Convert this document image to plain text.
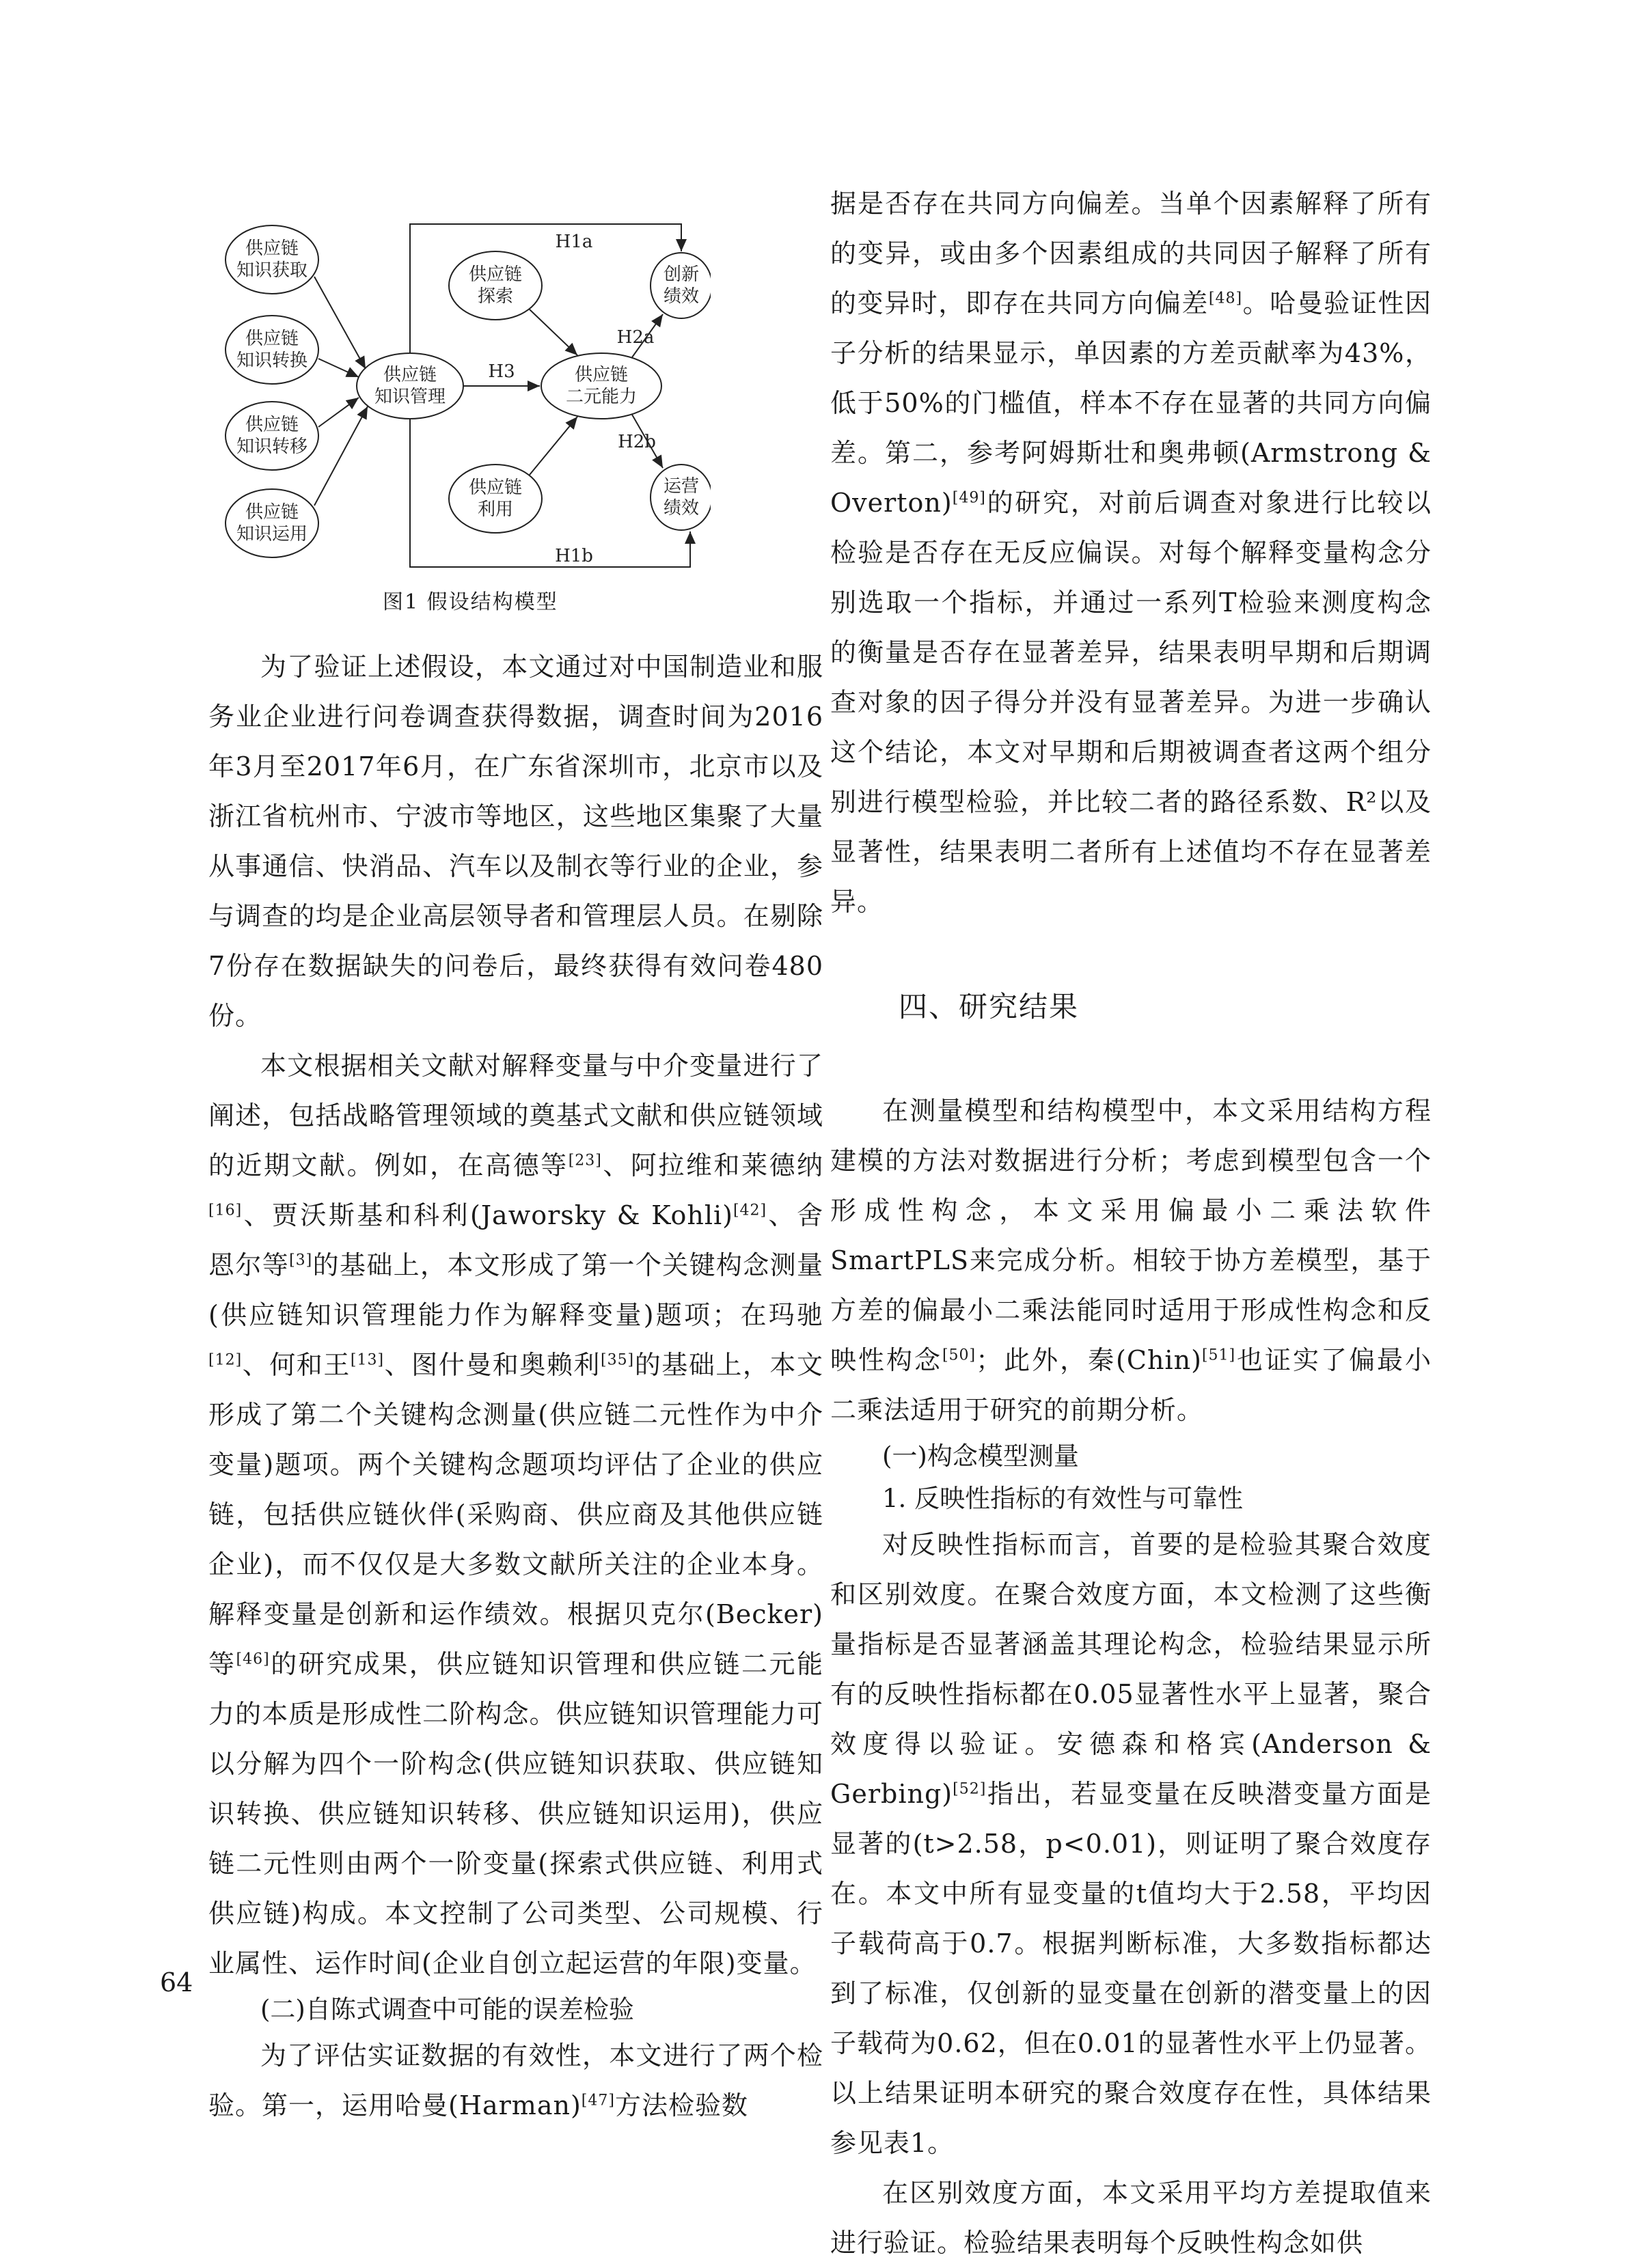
供应链
知识获取
供应链
知识转换
供应链
知识转移
供应链
知识运用
供应链
知识管理
供应链
探索
供应链
利用
供应链
二元能力
创新
绩效
运营
绩效
H1a
H1b
H2a
H2b
H3
图1 假设结构模型

为了验证上述假设，本文通过对中国制造业和服务业企业进行问卷调查获得数据，调查时间为2016年3月至2017年6月，在广东省深圳市，北京市以及浙江省杭州市、宁波市等地区，这些地区集聚了大量从事通信、快消品、汽车以及制衣等行业的企业，参与调查的均是企业高层领导者和管理层人员。在剔除7份存在数据缺失的问卷后，最终获得有效问卷480份。

本文根据相关文献对解释变量与中介变量进行了阐述，包括战略管理领域的奠基式文献和供应链领域的近期文献。例如，在高德等[23]、阿拉维和莱德纳[16]、贾沃斯基和科利(Jaworsky & Kohli)[42]、舍恩尔等[3]的基础上，本文形成了第一个关键构念测量(供应链知识管理能力作为解释变量)题项；在玛驰[12]、何和王[13]、图什曼和奥赖利[35]的基础上，本文形成了第二个关键构念测量(供应链二元性作为中介变量)题项。两个关键构念题项均评估了企业的供应链，包括供应链伙伴(采购商、供应商及其他供应链企业)，而不仅仅是大多数文献所关注的企业本身。解释变量是创新和运作绩效。根据贝克尔(Becker)等[46]的研究成果，供应链知识管理和供应链二元能力的本质是形成性二阶构念。供应链知识管理能力可以分解为四个一阶构念(供应链知识获取、供应链知识转换、供应链知识转移、供应链知识运用)，供应链二元性则由两个一阶变量(探索式供应链、利用式供应链)构成。本文控制了公司类型、公司规模、行业属性、运作时间(企业自创立起运营的年限)变量。

(二)自陈式调查中可能的误差检验

为了评估实证数据的有效性，本文进行了两个检验。第一，运用哈曼(Harman)[47]方法检验数

据是否存在共同方向偏差。当单个因素解释了所有的变异，或由多个因素组成的共同因子解释了所有的变异时，即存在共同方向偏差[48]。哈曼验证性因子分析的结果显示，单因素的方差贡献率为43%，低于50%的门槛值，样本不存在显著的共同方向偏差。第二，参考阿姆斯壮和奥弗顿(Armstrong & Overton)[49]的研究，对前后调查对象进行比较以检验是否存在无反应偏误。对每个解释变量构念分别选取一个指标，并通过一系列T检验来测度构念的衡量是否存在显著差异，结果表明早期和后期调查对象的因子得分并没有显著差异。为进一步确认这个结论，本文对早期和后期被调查者这两个组分别进行模型检验，并比较二者的路径系数、R²以及显著性，结果表明二者所有上述值均不存在显著差异。

四、研究结果

在测量模型和结构模型中，本文采用结构方程建模的方法对数据进行分析；考虑到模型包含一个形成性构念，本文采用偏最小二乘法软件SmartPLS来完成分析。相较于协方差模型，基于方差的偏最小二乘法能同时适用于形成性构念和反映性构念[50]；此外，秦(Chin)[51]也证实了偏最小二乘法适用于研究的前期分析。

(一)构念模型测量

1. 反映性指标的有效性与可靠性

对反映性指标而言，首要的是检验其聚合效度和区别效度。在聚合效度方面，本文检测了这些衡量指标是否显著涵盖其理论构念，检验结果显示所有的反映性指标都在0.05显著性水平上显著，聚合效度得以验证。安德森和格宾(Anderson & Gerbing)[52]指出，若显变量在反映潜变量方面是显著的(t>2.58，p<0.01)，则证明了聚合效度存在。本文中所有显变量的t值均大于2.58，平均因子载荷高于0.7。根据判断标准，大多数指标都达到了标准，仅创新的显变量在创新的潜变量上的因子载荷为0.62，但在0.01的显著性水平上仍显著。以上结果证明本研究的聚合效度存在性，具体结果参见表1。

在区别效度方面，本文采用平均方差提取值来进行验证。检验结果表明每个反映性构念如供

64
